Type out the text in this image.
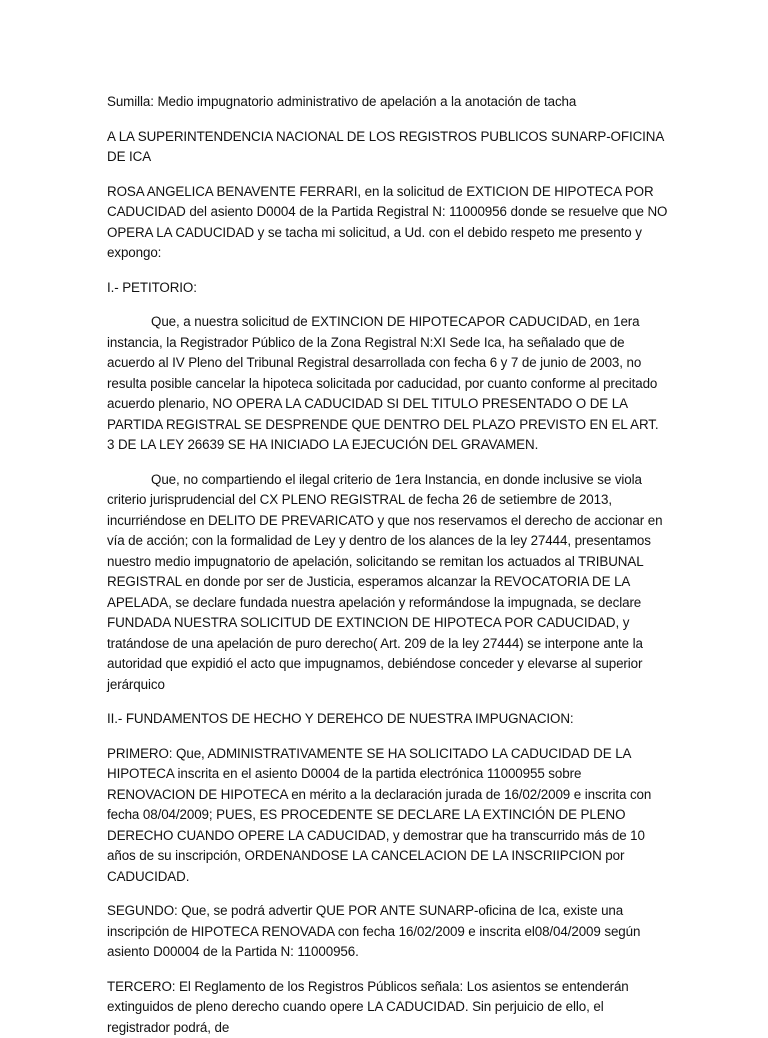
Sumilla: Medio impugnatorio administrativo de apelación a la anotación de tacha

A LA SUPERINTENDENCIA NACIONAL DE LOS REGISTROS PUBLICOS SUNARP-OFICINA DE ICA

ROSA ANGELICA BENAVENTE FERRARI, en la solicitud de EXTICION DE HIPOTECA POR CADUCIDAD del asiento D0004 de la Partida Registral N: 11000956 donde se resuelve que NO OPERA LA CADUCIDAD y se tacha mi solicitud, a Ud. con el debido respeto me presento y expongo:

I.- PETITORIO:

Que, a nuestra solicitud de EXTINCION DE HIPOTECAPOR CADUCIDAD, en 1era instancia, la Registrador Público de la Zona Registral N:XI Sede Ica, ha señalado que de acuerdo al IV Pleno del Tribunal Registral desarrollada con fecha 6 y 7 de junio de 2003, no resulta posible cancelar la hipoteca solicitada por caducidad, por cuanto conforme al precitado acuerdo plenario, NO OPERA LA CADUCIDAD SI DEL TITULO PRESENTADO O DE LA PARTIDA REGISTRAL SE DESPRENDE QUE DENTRO DEL PLAZO PREVISTO EN EL ART. 3 DE LA LEY 26639 SE HA INICIADO LA EJECUCIÓN DEL GRAVAMEN.

Que, no compartiendo el ilegal criterio de 1era Instancia, en donde inclusive se viola criterio jurisprudencial del CX PLENO REGISTRAL de fecha 26 de setiembre de 2013, incurriéndose en DELITO DE PREVARICATO y que nos reservamos el derecho de accionar en vía de acción; con la formalidad de Ley y dentro de los alances de la ley 27444, presentamos nuestro medio impugnatorio de apelación, solicitando se remitan los actuados al TRIBUNAL REGISTRAL en donde por ser de Justicia, esperamos alcanzar la REVOCATORIA DE LA APELADA, se declare fundada nuestra apelación y reformándose la impugnada, se declare FUNDADA NUESTRA SOLICITUD DE EXTINCION DE HIPOTECA POR CADUCIDAD, y tratándose de una apelación de puro derecho( Art. 209 de la ley 27444) se interpone ante la autoridad que expidió el acto que impugnamos, debiéndose conceder y elevarse al superior jerárquico

II.- FUNDAMENTOS DE HECHO Y DEREHCO DE NUESTRA IMPUGNACION:

PRIMERO: Que, ADMINISTRATIVAMENTE SE HA SOLICITADO LA CADUCIDAD DE LA HIPOTECA inscrita en el asiento D0004 de la partida electrónica 11000955 sobre RENOVACION DE HIPOTECA en mérito a la declaración jurada de 16/02/2009 e inscrita con fecha 08/04/2009; PUES, ES PROCEDENTE SE DECLARE LA EXTINCIÓN DE PLENO DERECHO CUANDO OPERE LA CADUCIDAD, y demostrar que ha transcurrido más de 10 años de su inscripción, ORDENANDOSE LA CANCELACION DE LA INSCRIIPCION por CADUCIDAD.

SEGUNDO: Que, se podrá advertir QUE POR ANTE SUNARP-oficina de Ica, existe una inscripción de HIPOTECA RENOVADA con fecha 16/02/2009 e inscrita el08/04/2009 según asiento D00004 de la Partida N: 11000956.

TERCERO: El Reglamento de los Registros Públicos señala: Los asientos se entenderán extinguidos de pleno derecho cuando opere LA CADUCIDAD. Sin perjuicio de ello, el registrador podrá, de
